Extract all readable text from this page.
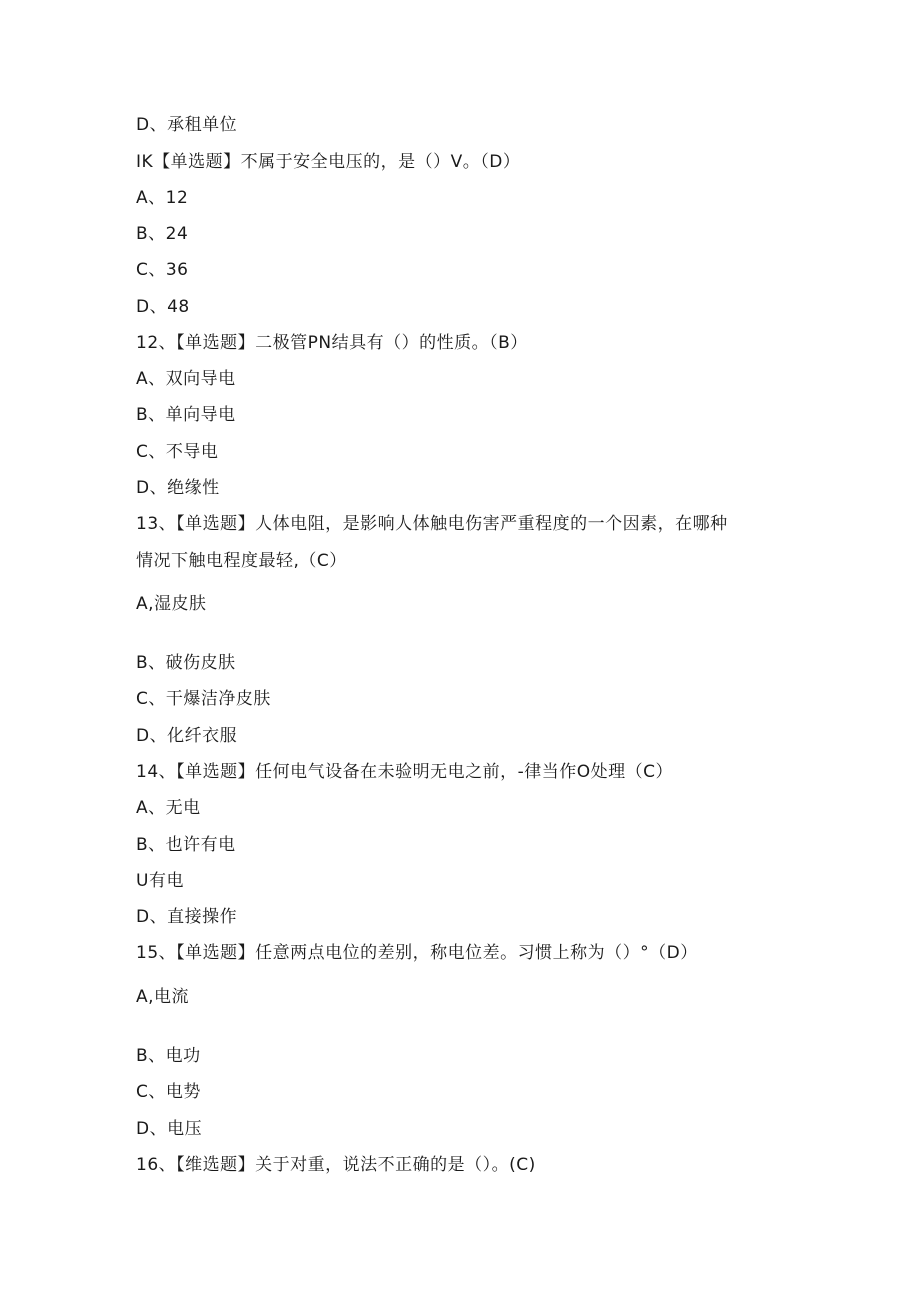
D、承租单位
IK【单选题】不属于安全电压的，是（）V。（D）
A、12
B、24
C、36
D、48
12、【单选题】二极管PN结具有（）的性质。（B）
A、双向导电
B、单向导电
C、不导电
D、绝缘性
13、【单选题】人体电阻，是影响人体触电伤害严重程度的一个因素，在哪种
情况下触电程度最轻,（C）
A,湿皮肤
B、破伤皮肤
C、干爆洁净皮肤
D、化纤衣服
14、【单选题】任何电气设备在未验明无电之前，-律当作O处理（C）
A、无电
B、也许有电
U有电
D、直接操作
15、【单选题】任意两点电位的差别，称电位差。习惯上称为（）°（D）
A,电流
B、电功
C、电势
D、电压
16、【维选题】关于对重，说法不正确的是（）。(C)
